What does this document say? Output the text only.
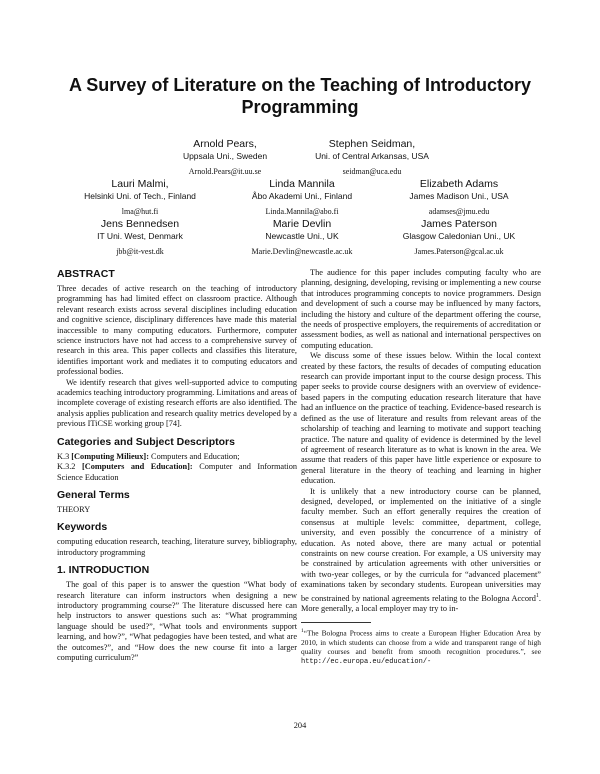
A Survey of Literature on the Teaching of Introductory Programming
Arnold Pears,
Uppsala Uni., Sweden
Arnold.Pears@it.uu.se
Stephen Seidman,
Uni. of Central Arkansas, USA
seidman@uca.edu
Lauri Malmi,
Helsinki Uni. of Tech., Finland
lma@hut.fi
Linda Mannila
Åbo Akademi Uni., Finland
Linda.Mannila@abo.fi
Elizabeth Adams
James Madison Uni., USA
adamses@jmu.edu
Jens Bennedsen
IT Uni. West, Denmark
jbb@it-vest.dk
Marie Devlin
Newcastle Uni., UK
Marie.Devlin@newcastle.ac.uk
James Paterson
Glasgow Caledonian Uni., UK
James.Paterson@gcal.ac.uk
ABSTRACT

Three decades of active research on the teaching of introductory programming has had limited effect on classroom practice. Although relevant research exists across several disciplines including education and cognitive science, disciplinary differences have made this material inaccessible to many computing educators. Furthermore, computer science instructors have not had access to a comprehensive survey of research in this area. This paper collects and classifies this literature, identifies important work and mediates it to computing educators and professional bodies.

We identify research that gives well-supported advice to computing academics teaching introductory programming. Limitations and areas of incomplete coverage of existing research efforts are also identified. The analysis applies publication and research quality metrics developed by a previous ITiCSE working group [74].

Categories and Subject Descriptors
K.3 [Computing Milieux]: Computers and Education;
K.3.2 [Computers and Education]: Computer and Information Science Education
General Terms

THEORY

Keywords

computing education research, teaching, literature survey, bibliography, introductory programming

1. INTRODUCTION

The goal of this paper is to answer the question “What body of research literature can inform instructors when designing a new introductory programming course?” The literature discussed here can help instructors to answer questions such as: “What programming language should be used?”, “What tools and environments support learning, and how?”, “What pedagogies have been tested, and what are the outcomes?”, and “How does the new course fit into a larger computing curriculum?”

The audience for this paper includes computing faculty who are planning, designing, developing, revising or implementing a new course that introduces programming concepts to novice programmers. Design and development of such a course may be influenced by many factors, including the history and culture of the department offering the course, the needs of prospective employers, the requirements of accreditation or assessment bodies, as well as national and international perspectives on computing education.

We discuss some of these issues below. Within the local context created by these factors, the results of decades of computing education research can provide important input to the course design process. This paper seeks to provide course designers with an overview of evidence-based papers in the computing education research literature that have had an influence on the practice of teaching. Evidence-based research is defined as the use of literature and results from relevant areas of the scholarship of teaching and learning to motivate and support teaching practice. The nature and quality of evidence is determined by the level of agreement of research literature as to what is known in the area. We assume that readers of this paper have little experience or exposure to general literature in the theory of teaching and learning in higher education.

It is unlikely that a new introductory course can be planned, designed, developed, or implemented on the initiative of a single faculty member. Such an effort generally requires the creation of consensus at multiple levels: committee, department, college, university, and even possibly the concurrence of a ministry of education. As noted above, there are many actual or potential constraints on new course creation. For example, a US university may be constrained by articulation agreements with other universities or with two-year colleges, or by the curricula for “advanced placement” examinations taken by secondary students. European universities may be constrained by national agreements relating to the Bologna Accord$^1$. More generally, a local employer may try to in-

$^1$“The Bologna Process aims to create a European Higher Education Area by 2010, in which students can choose from a wide and transparent range of high quality courses and benefit from smooth recognition procedures.”, see http://ec.europa.eu/education/-
204
